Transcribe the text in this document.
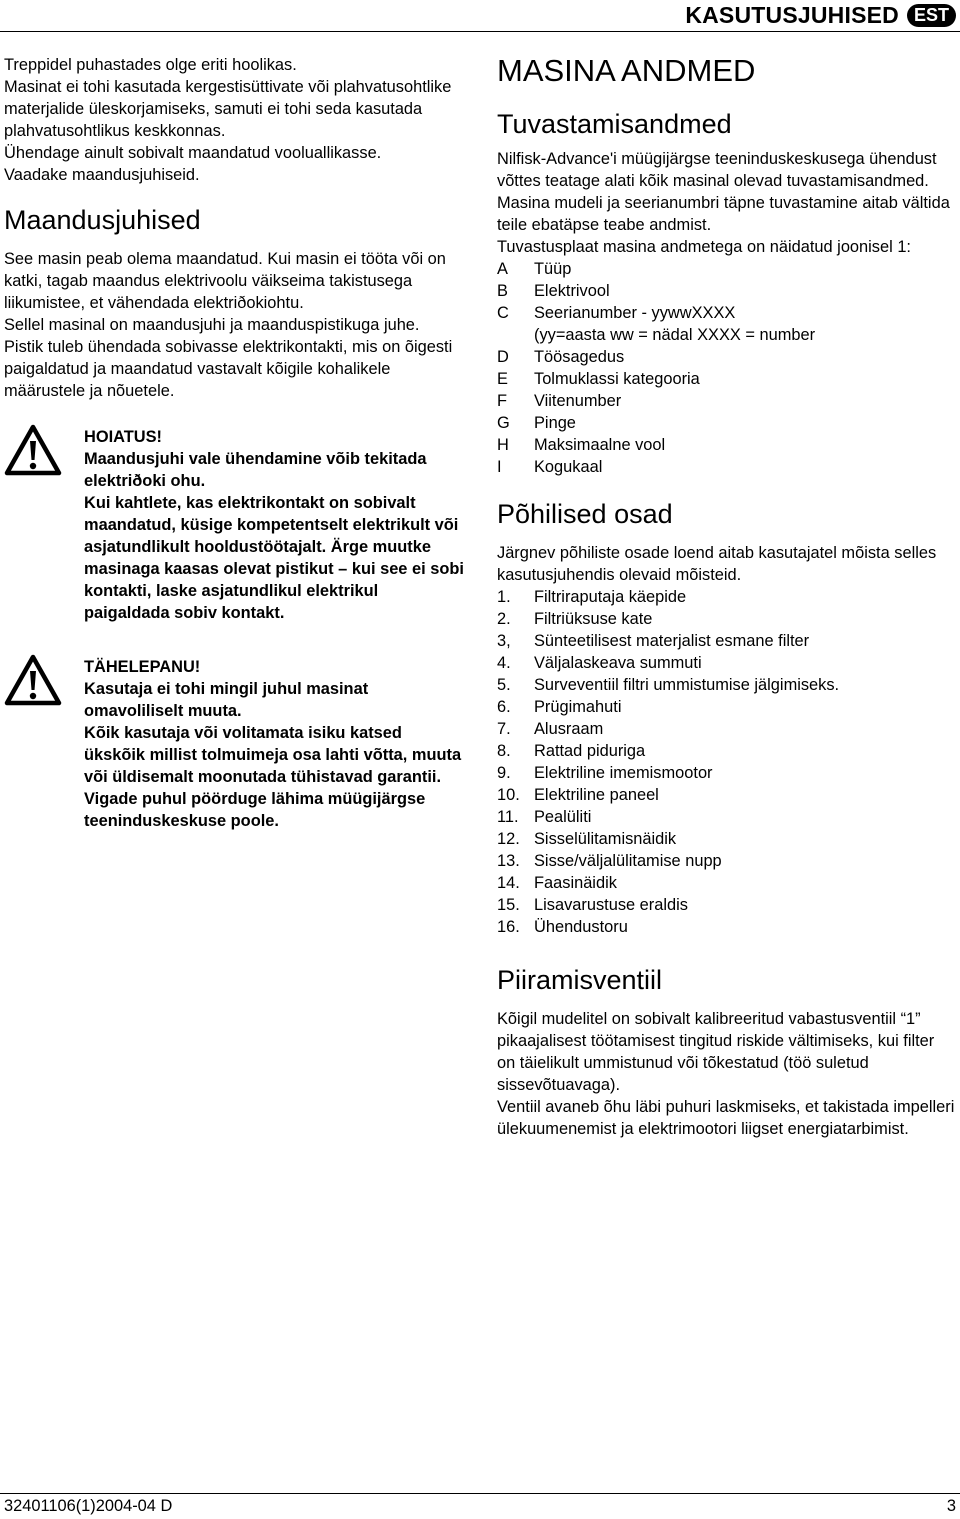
KASUTUSJUHISED EST

Treppidel puhastades olge eriti hoolikas.

Masinat ei tohi kasutada kergestisüttivate või plahvatusohtlike materjalide üleskorjamiseks, samuti ei tohi seda kasutada plahvatusohtlikus keskkonnas.

Ühendage ainult sobivalt maandatud vooluallikasse.

Vaadake maandusjuhiseid.

Maandusjuhised

See masin peab olema maandatud. Kui masin ei tööta või on katki, tagab maandus elektrivoolu väikseima takistusega liikumistee, et vähendada elektriðokiohtu.

Sellel masinal on maandusjuhi ja maanduspistikuga juhe.

Pistik tuleb ühendada sobivasse elektrikontakti, mis on õigesti paigaldatud ja maandatud vastavalt kõigile kohalikele määrustele ja nõuetele.

HOIATUS!

Maandusjuhi vale ühendamine võib tekitada elektriðoki ohu.

Kui kahtlete, kas elektrikontakt on sobivalt maandatud, küsige kompetentselt elektrikult või asjatundlikult hooldustöötajalt. Ärge muutke masinaga kaasas olevat pistikut – kui see ei sobi kontakti, laske asjatundlikul elektrikul paigaldada sobiv kontakt.

TÄHELEPANU!

Kasutaja ei tohi mingil juhul masinat omavoliliselt muuta.

Kõik kasutaja või volitamata isiku katsed ükskõik millist tolmuimeja osa lahti võtta, muuta või üldisemalt moonutada tühistavad garantii. Vigade puhul pöörduge lähima müügijärgse teeninduskeskuse poole.

MASINA ANDMED
Tuvastamisandmed

Nilfisk-Advance'i müügijärgse teeninduskeskusega ühendust võttes teatage alati kõik masinal olevad tuvastamisandmed.

Masina mudeli ja seerianumbri täpne tuvastamine aitab vältida teile ebatäpse teabe andmist.

Tuvastusplaat masina andmetega on näidatud joonisel 1:

A	Tüüp
B	Elektrivool
C	Seerianumber - yywwXXXX
(yy=aasta ww = nädal XXXX = number
D	Töösagedus
E	Tolmuklassi kategooria
F	Viitenumber
G	Pinge
H	Maksimaalne vool
I	Kogukaal
Põhilised osad

Järgnev põhiliste osade loend aitab kasutajatel mõista selles kasutusjuhendis olevaid mõisteid.

1.	Filtriraputaja käepide
2.	Filtriüksuse kate
3,	Sünteetilisest materjalist esmane filter
4.	Väljalaskeava summuti
5.	Surveventiil filtri ummistumise jälgimiseks.
6.	Prügimahuti
7.	Alusraam
8.	Rattad piduriga
9.	Elektriline imemismootor
10. Elektriline paneel
11. Pealüliti
12. Sisselülitamisnäidik
13. Sisse/väljalülitamise nupp
14. Faasinäidik
15. Lisavarustuse eraldis
16. Ühendustoru
Piiramisventiil

Kõigil mudelitel on sobivalt kalibreeritud vabastusventiil “1” pikaajalisest töötamisest tingitud riskide vältimiseks, kui filter on täielikult ummistunud või tõkestatud (töö suletud sissevõtuavaga).

Ventiil avaneb õhu läbi puhuri laskmiseks, et takistada impelleri ülekuumenemist ja elektrimootori liigset energiatarbimist.

32401106(1)2004-04 D	3
